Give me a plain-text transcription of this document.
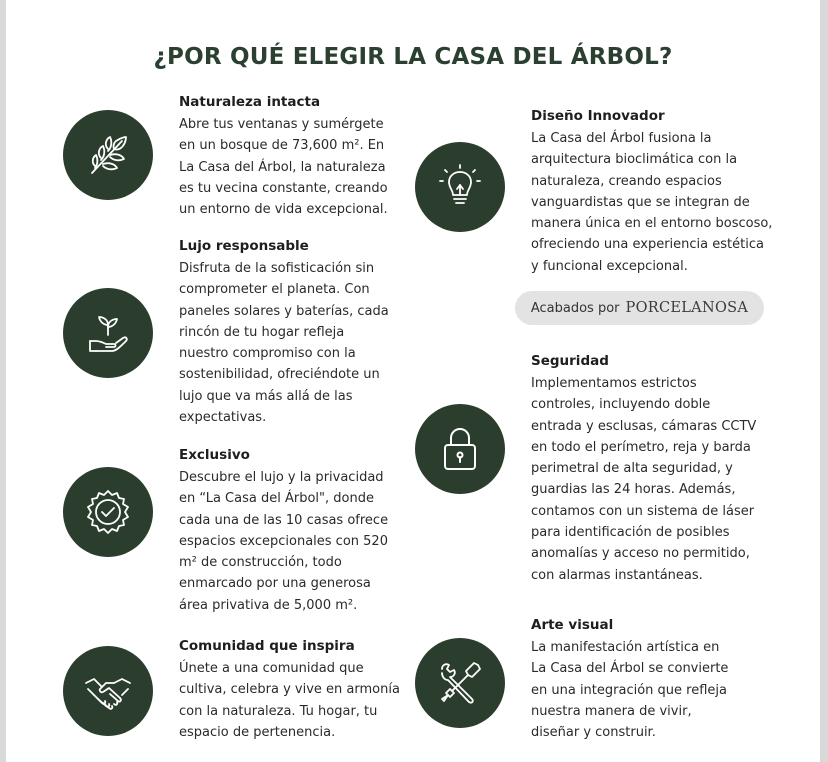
¿POR QUÉ ELEGIR LA CASA DEL ÁRBOL?
Naturaleza intacta

Abre tus ventanas y sumérgete
en un bosque de 73,600 m². En
La Casa del Árbol, la naturaleza
es tu vecina constante, creando
un entorno de vida excepcional.

Lujo responsable

Disfruta de la sofisticación sin
comprometer el planeta. Con
paneles solares y baterías, cada
rincón de tu hogar refleja
nuestro compromiso con la
sostenibilidad, ofreciéndote un
lujo que va más allá de las
expectativas.

Exclusivo

Descubre el lujo y la privacidad
en “La Casa del Árbol", donde
cada una de las 10 casas ofrece
espacios excepcionales con 520
m² de construcción, todo
enmarcado por una generosa
área privativa de 5,000 m².

Comunidad que inspira

Únete a una comunidad que
cultiva, celebra y vive en armonía
con la naturaleza. Tu hogar, tu
espacio de pertenencia.

Diseño Innovador

La Casa del Árbol fusiona la
arquitectura bioclimática con la
naturaleza, creando espacios
vanguardistas que se integran de
manera única en el entorno boscoso,
ofreciendo una experiencia estética
y funcional excepcional.

Acabados por PORCELANOSA
Seguridad

Implementamos estrictos
controles, incluyendo doble
entrada y esclusas, cámaras CCTV
en todo el perímetro, reja y barda
perimetral de alta seguridad, y
guardias las 24 horas. Además,
contamos con un sistema de láser
para identificación de posibles
anomalías y acceso no permitido,
con alarmas instantáneas.

Arte visual

La manifestación artística en
La Casa del Árbol se convierte
en una integración que refleja
nuestra manera de vivir,
diseñar y construir.
